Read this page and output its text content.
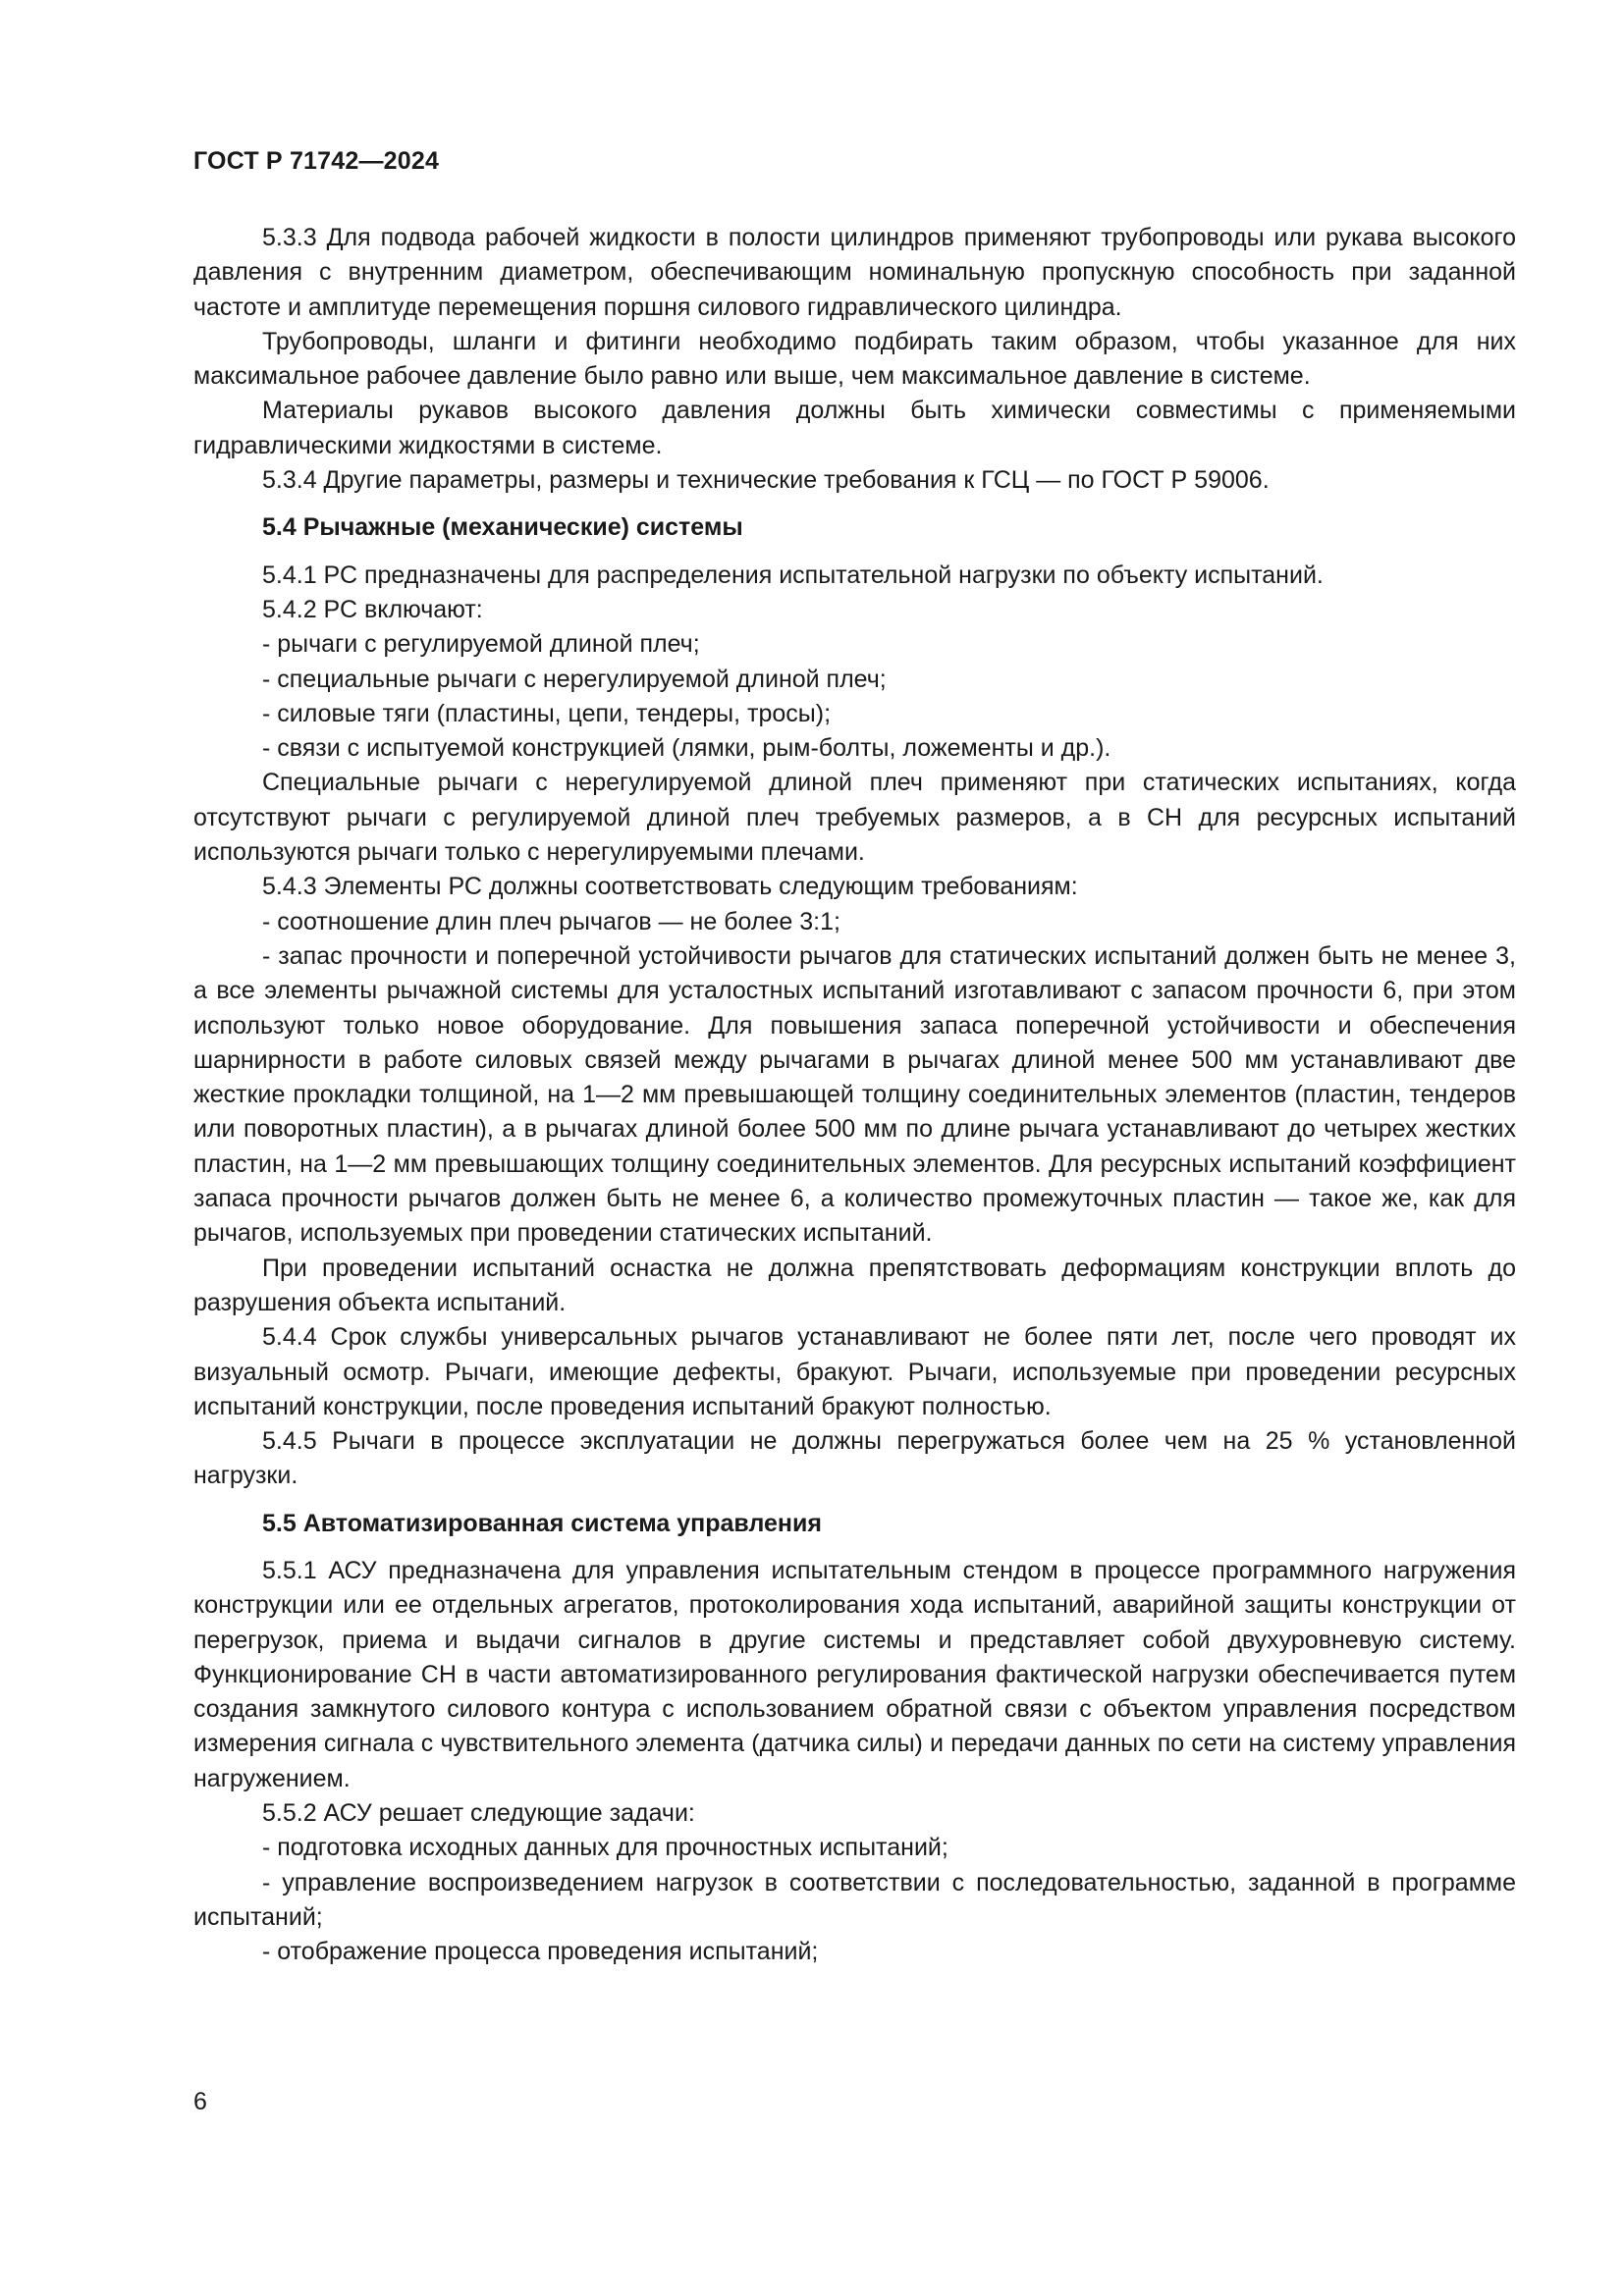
ГОСТ Р 71742—2024

5.3.3 Для подвода рабочей жидкости в полости цилиндров применяют трубопроводы или рукава высокого давления с внутренним диаметром, обеспечивающим номинальную пропускную способность при заданной частоте и амплитуде перемещения поршня силового гидравлического цилиндра.

Трубопроводы, шланги и фитинги необходимо подбирать таким образом, чтобы указанное для них максимальное рабочее давление было равно или выше, чем максимальное давление в системе.

Материалы рукавов высокого давления должны быть химически совместимы с применяемыми гидравлическими жидкостями в системе.

5.3.4 Другие параметры, размеры и технические требования к ГСЦ — по ГОСТ Р 59006.

5.4 Рычажные (механические) системы

5.4.1 РС предназначены для распределения испытательной нагрузки по объекту испытаний.

5.4.2 РС включают:

- рычаги с регулируемой длиной плеч;

- специальные рычаги с нерегулируемой длиной плеч;

- силовые тяги (пластины, цепи, тендеры, тросы);

- связи с испытуемой конструкцией (лямки, рым-болты, ложементы и др.).

Специальные рычаги с нерегулируемой длиной плеч применяют при статических испытаниях, когда отсутствуют рычаги с регулируемой длиной плеч требуемых размеров, а в СН для ресурсных испытаний используются рычаги только с нерегулируемыми плечами.

5.4.3 Элементы РС должны соответствовать следующим требованиям:

- соотношение длин плеч рычагов — не более 3:1;

- запас прочности и поперечной устойчивости рычагов для статических испытаний должен быть не менее 3, а все элементы рычажной системы для усталостных испытаний изготавливают с запасом прочности 6, при этом используют только новое оборудование. Для повышения запаса поперечной устойчивости и обеспечения шарнирности в работе силовых связей между рычагами в рычагах длиной менее 500 мм устанавливают две жесткие прокладки толщиной, на 1—2 мм превышающей толщину соединительных элементов (пластин, тендеров или поворотных пластин), а в рычагах длиной более 500 мм по длине рычага устанавливают до четырех жестких пластин, на 1—2 мм превышающих толщину соединительных элементов. Для ресурсных испытаний коэффициент запаса прочности рычагов должен быть не менее 6, а количество промежуточных пластин — такое же, как для рычагов, используемых при проведении статических испытаний.

При проведении испытаний оснастка не должна препятствовать деформациям конструкции вплоть до разрушения объекта испытаний.

5.4.4 Срок службы универсальных рычагов устанавливают не более пяти лет, после чего проводят их визуальный осмотр. Рычаги, имеющие дефекты, бракуют. Рычаги, используемые при проведении ресурсных испытаний конструкции, после проведения испытаний бракуют полностью.

5.4.5 Рычаги в процессе эксплуатации не должны перегружаться более чем на 25 % установленной нагрузки.

5.5 Автоматизированная система управления

5.5.1 АСУ предназначена для управления испытательным стендом в процессе программного нагружения конструкции или ее отдельных агрегатов, протоколирования хода испытаний, аварийной защиты конструкции от перегрузок, приема и выдачи сигналов в другие системы и представляет собой двухуровневую систему. Функционирование СН в части автоматизированного регулирования фактической нагрузки обеспечивается путем создания замкнутого силового контура с использованием обратной связи с объектом управления посредством измерения сигнала с чувствительного элемента (датчика силы) и передачи данных по сети на систему управления нагружением.

5.5.2 АСУ решает следующие задачи:

- подготовка исходных данных для прочностных испытаний;

- управление воспроизведением нагрузок в соответствии с последовательностью, заданной в программе испытаний;

- отображение процесса проведения испытаний;

6
